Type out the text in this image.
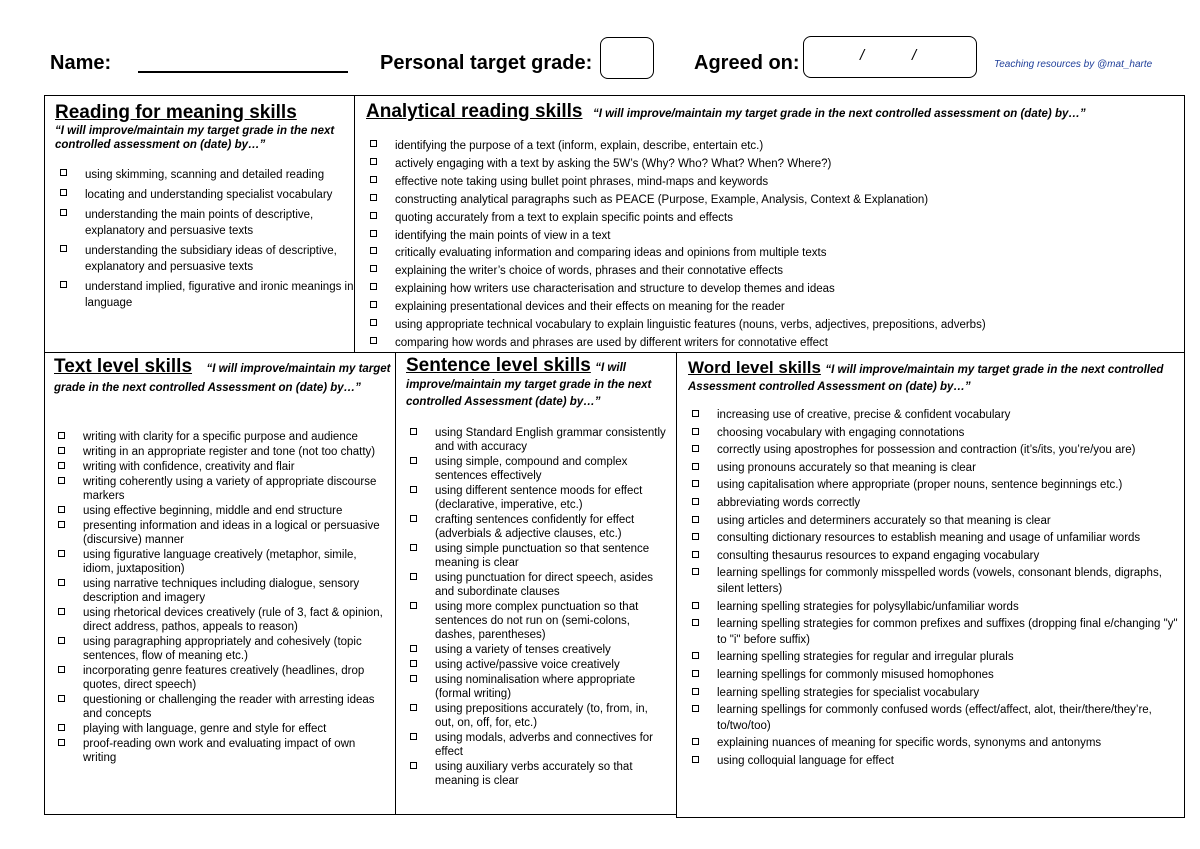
Name:	Personal target grade:	Agreed on:	/	/
Teaching resources by @mat_harte
Reading for meaning skills
“I will improve/maintain my target grade in the next controlled assessment on (date) by…”
using skimming, scanning and detailed reading
locating and understanding specialist vocabulary
understanding the main points of descriptive, explanatory and persuasive texts
understanding the subsidiary ideas of descriptive, explanatory and persuasive texts
understand implied, figurative and ironic meanings in language
Analytical reading skills “I will improve/maintain my target grade in the next controlled assessment on (date) by…”
identifying the purpose of a text (inform, explain, describe, entertain etc.)
actively engaging with a text by asking the 5W’s (Why? Who? What? When? Where?)
effective note taking using bullet point phrases, mind-maps and keywords
constructing analytical paragraphs such as PEACE (Purpose, Example, Analysis, Context & Explanation)
quoting accurately from a text to explain specific points and effects
identifying the main points of view in a text
critically evaluating information and comparing ideas and opinions from multiple texts
explaining the writer’s choice of words, phrases and their connotative effects
explaining how writers use characterisation and structure to develop themes and ideas
explaining presentational devices and their effects on meaning for the reader
using appropriate technical vocabulary to explain linguistic features (nouns, verbs, adjectives, prepositions, adverbs)
comparing how words and phrases are used by different writers for connotative effect
Text level skills “I will improve/maintain my target grade in the next controlled Assessment on (date) by…”
writing with clarity for a specific purpose and audience
writing in an appropriate register and tone (not too chatty)
writing with confidence, creativity and flair
writing coherently using a variety of appropriate discourse markers
using effective beginning, middle and end structure
presenting information and ideas in a logical or persuasive (discursive) manner
using figurative language creatively (metaphor, simile, idiom, juxtaposition)
using narrative techniques including dialogue, sensory description and imagery
using rhetorical devices creatively (rule of 3, fact & opinion, direct address, pathos, appeals to reason)
using paragraphing appropriately and cohesively (topic sentences, flow of meaning etc.)
incorporating genre features creatively (headlines, drop quotes, direct speech)
questioning or challenging the reader with arresting ideas and concepts
playing with language, genre and style for effect
proof-reading own work and evaluating impact of own writing
Sentence level skills “I will improve/maintain my target grade in the next controlled Assessment (date) by…”
using Standard English grammar consistently and with accuracy
using simple, compound and complex sentences effectively
using different sentence moods for effect (declarative, imperative, etc.)
crafting sentences confidently for effect (adverbials & adjective clauses, etc.)
using simple punctuation so that sentence meaning is clear
using punctuation for direct speech, asides and subordinate clauses
using more complex punctuation so that sentences do not run on (semi-colons, dashes, parentheses)
using a variety of tenses creatively
using active/passive voice creatively
using nominalisation where appropriate (formal writing)
using prepositions accurately (to, from, in, out, on, off, for, etc.)
using modals, adverbs and connectives for effect
using auxiliary verbs accurately so that meaning is clear
Word level skills “I will improve/maintain my target grade in the next controlled Assessment controlled Assessment on (date) by…”
increasing use of creative, precise & confident vocabulary
choosing vocabulary with engaging connotations
correctly using apostrophes for possession and contraction (it’s/its, you’re/you are)
using pronouns accurately so that meaning is clear
using capitalisation where appropriate (proper nouns, sentence beginnings etc.)
abbreviating words correctly
using articles and determiners accurately so that meaning is clear
consulting dictionary resources to establish meaning and usage of unfamiliar words
consulting thesaurus resources to expand engaging vocabulary
learning spellings for commonly misspelled words (vowels, consonant blends, digraphs, silent letters)
learning spelling strategies for polysyllabic/unfamiliar words
learning spelling strategies for common prefixes and suffixes (dropping final e/changing "y" to "i" before suffix)
learning spelling strategies for regular and irregular plurals
learning spellings for commonly misused homophones
learning spelling strategies for specialist vocabulary
learning spellings for commonly confused words (effect/affect, alot, their/there/they’re, to/two/too)
explaining nuances of meaning for specific words, synonyms and antonyms
using colloquial language for effect
